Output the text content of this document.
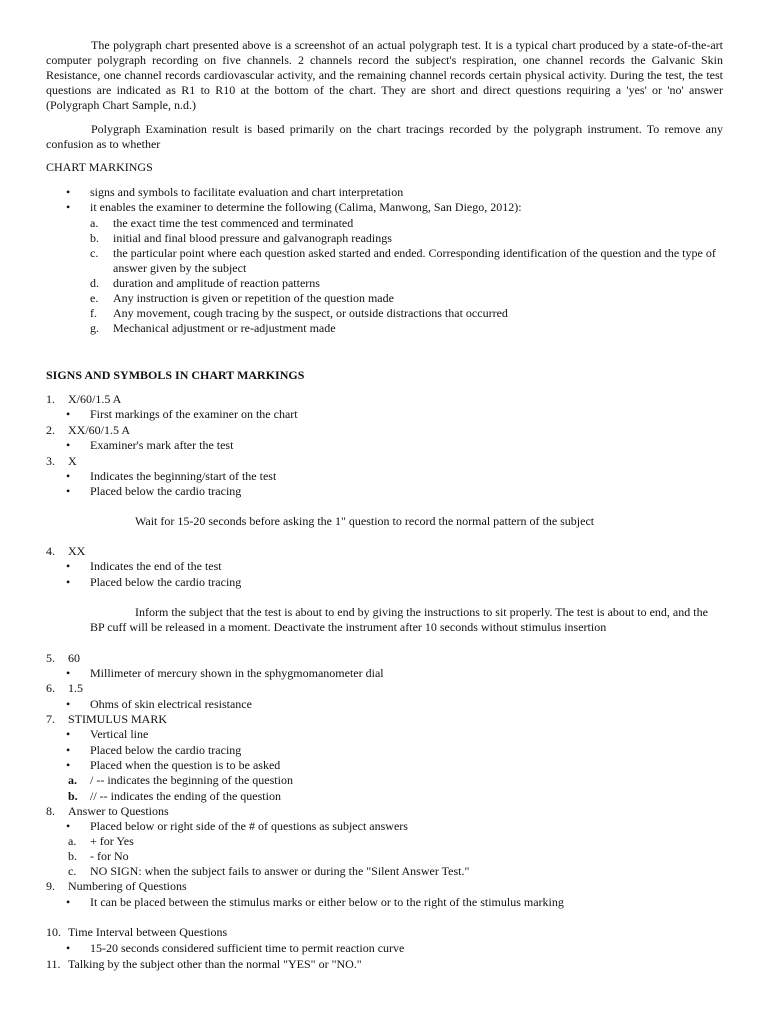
The polygraph chart presented above is a screenshot of an actual polygraph test. It is a typical chart produced by a state-of-the-art computer polygraph recording on five channels. 2 channels record the subject's respiration, one channel records the Galvanic Skin Resistance, one channel records cardiovascular activity, and the remaining channel records certain physical activity. During the test, the test questions are indicated as R1 to R10 at the bottom of the chart. They are short and direct questions requiring a 'yes' or 'no' answer (Polygraph Chart Sample, n.d.)
Polygraph Examination result is based primarily on the chart tracings recorded by the polygraph instrument. To remove any confusion as to whether
CHART MARKINGS
•
signs and symbols to facilitate evaluation and chart interpretation
•
it enables the examiner to determine the following (Calima, Manwong, San Diego, 2012):
a.	the exact time the test commenced and terminated
b.	initial and final blood pressure and galvanograph readings
c.	the particular point where each question asked started and ended. Corresponding identification of the question and the type of answer given by the subject
d.	duration and amplitude of reaction patterns
e.	Any instruction is given or repetition of the question made
f.	Any movement, cough tracing by the suspect, or outside distractions that occurred
g.	Mechanical adjustment or re-adjustment made
SIGNS AND SYMBOLS IN CHART MARKINGS
1.	X/60/1.5 A
•
First markings of the examiner on the chart
2.	XX/60/1.5 A
•
Examiner's mark after the test
3.	X
•
Indicates the beginning/start of the test
•
Placed below the cardio tracing
Wait for 15-20 seconds before asking the 1" question to record the normal pattern of the subject
4.	XX
•
Indicates the end of the test
•
Placed below the cardio tracing
Inform the subject that the test is about to end by giving the instructions to sit properly. The test is about to end, and the BP cuff will be released in a moment. Deactivate the instrument after 10 seconds without stimulus insertion
5.	60
•
Millimeter of mercury shown in the sphygmomanometer dial
6.	1.5
•
Ohms of skin electrical resistance
7.	STIMULUS MARK
•
Vertical line
•
Placed below the cardio tracing
•
Placed when the question is to be asked
a. / -- indicates the beginning of the question
b. // -- indicates the ending of the question
8.	Answer to Questions
•
Placed below or right side of the # of questions as subject answers
a. + for Yes
b. - for No
c. NO SIGN: when the subject fails to answer or during the "Silent Answer Test."
9.	Numbering of Questions
•
It can be placed between the stimulus marks or either below or to the right of the stimulus marking
10. Time Interval between Questions
•
15-20 seconds considered sufficient time to permit reaction curve
11. Talking by the subject other than the normal "YES" or "NO."
